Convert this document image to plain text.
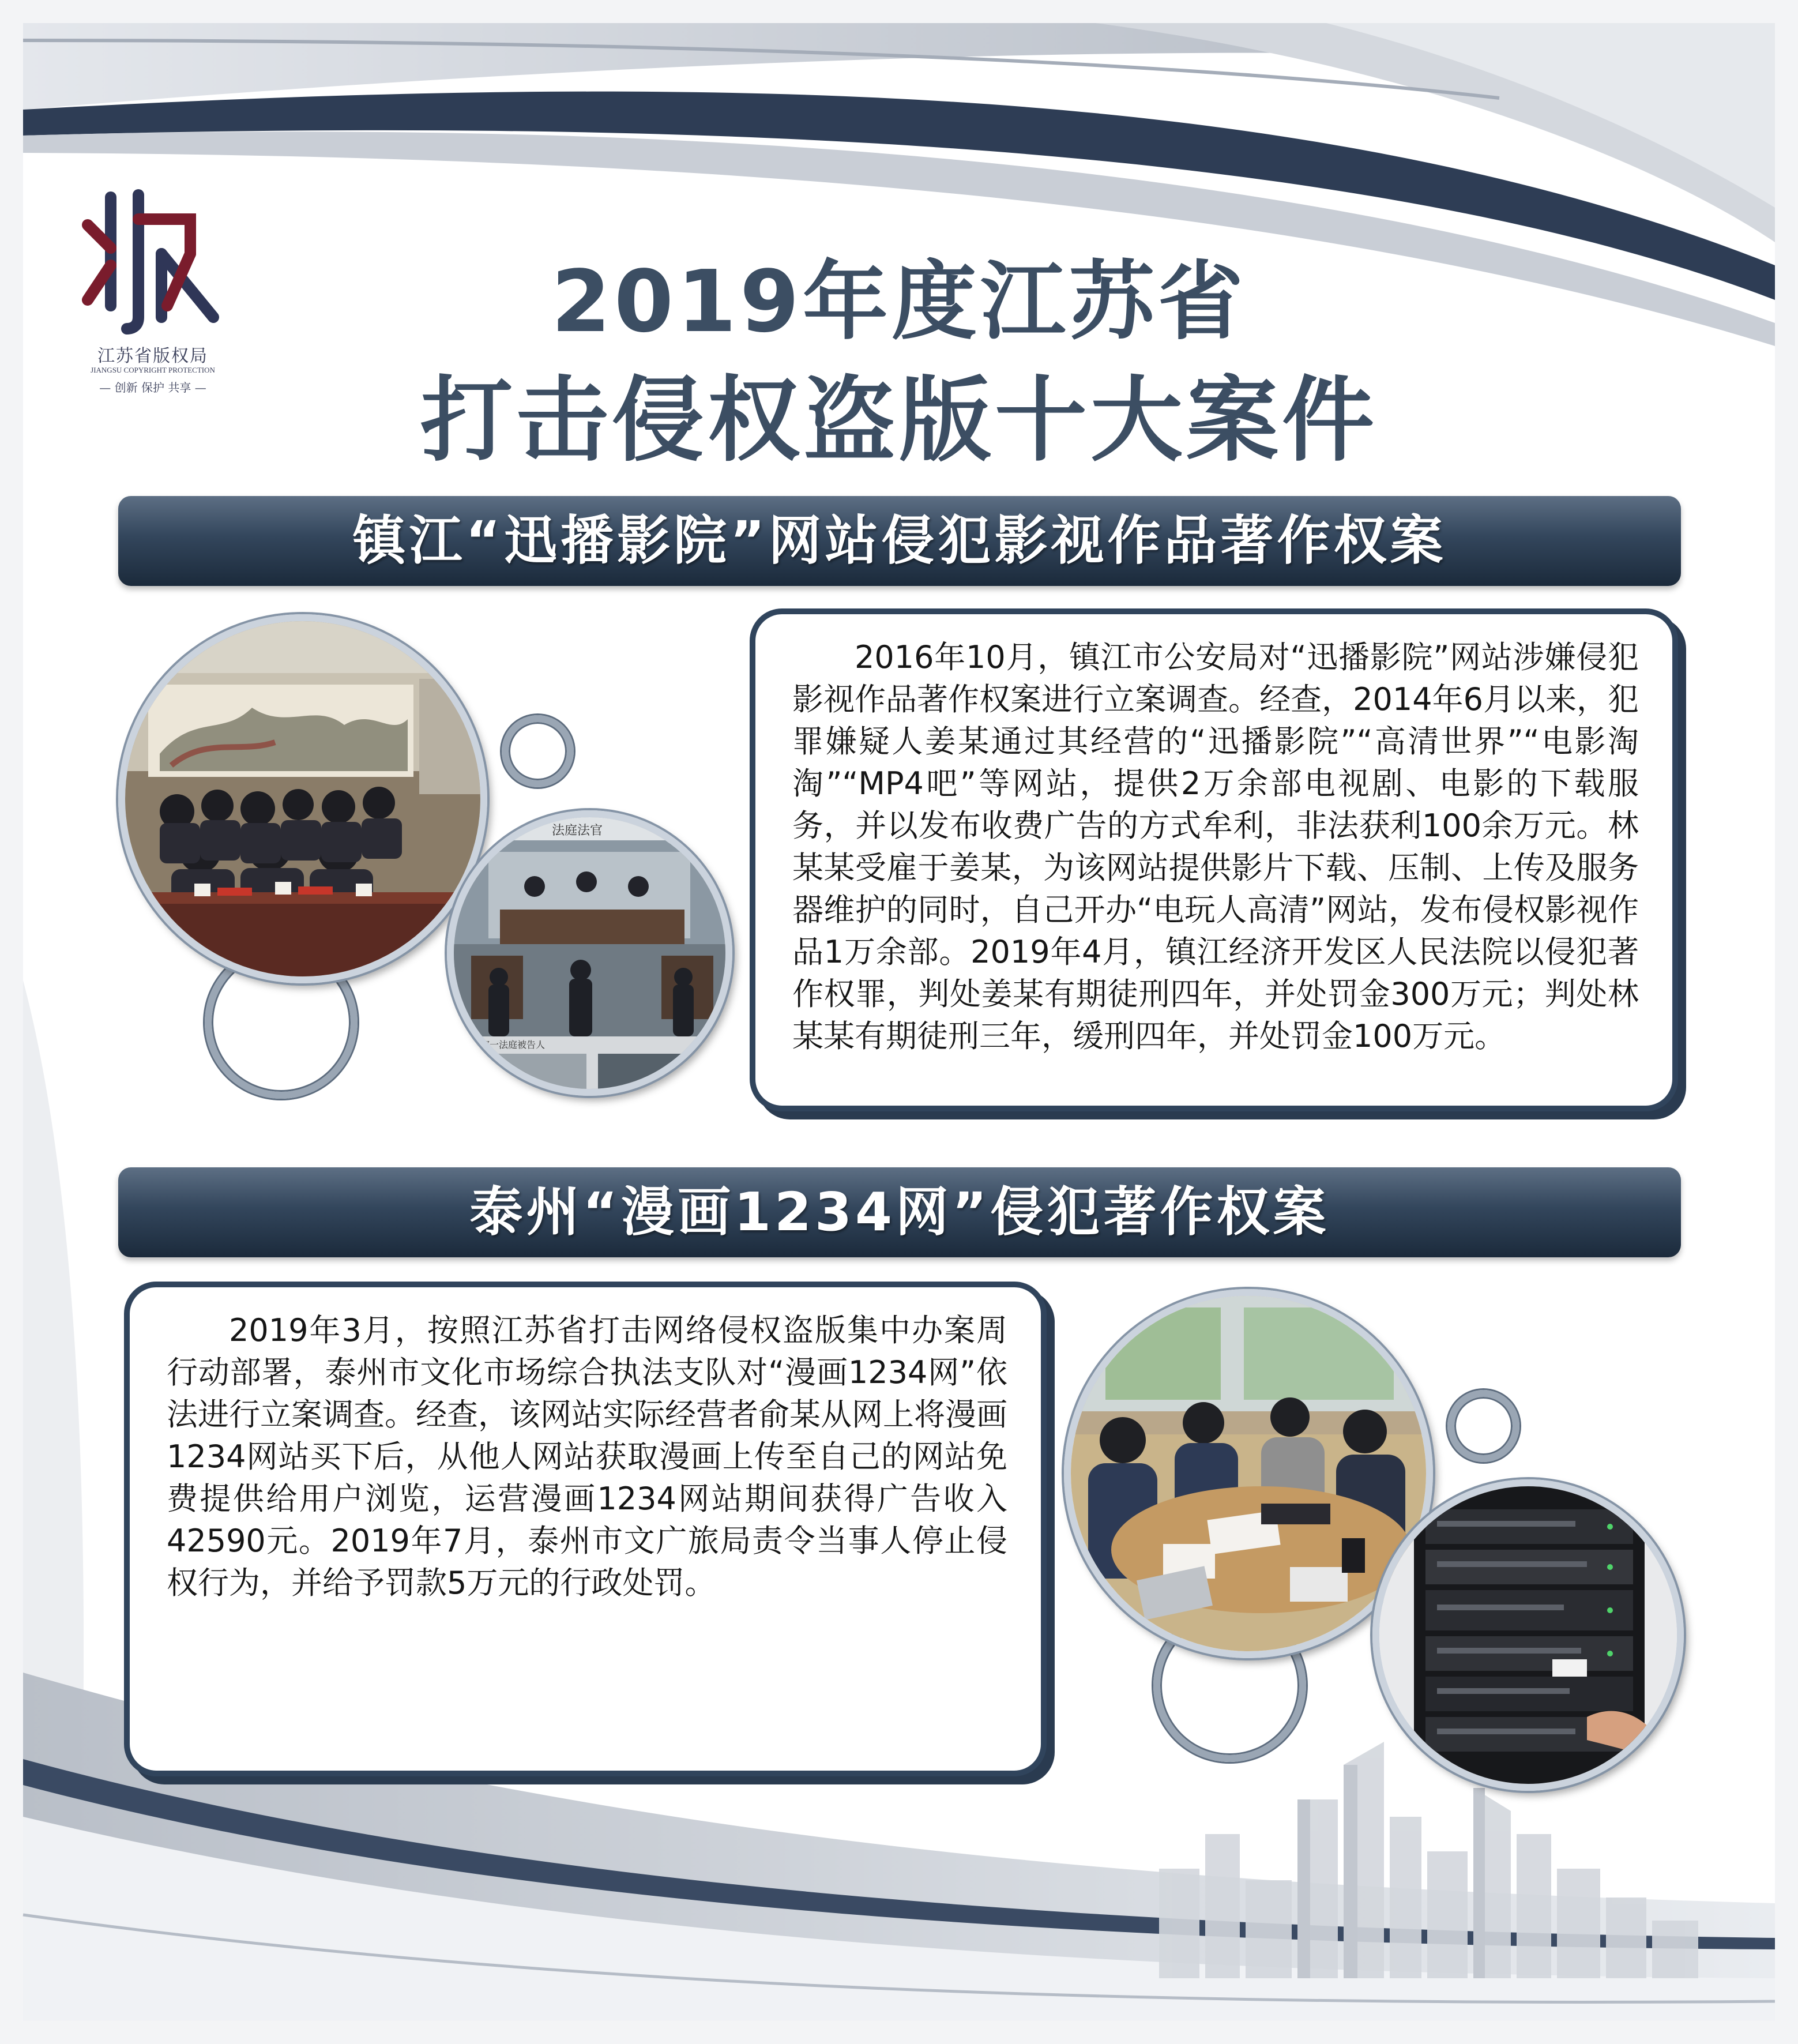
江苏省版权局
JIANGSU COPYRIGHT PROTECTION
— 创新 保护 共享 —
2019年度江苏省
打击侵权盗版十大案件
镇江“迅播影院”网站侵犯影视作品著作权案
法庭法官
庭审一法庭被告人

2016年10月，镇江市公安局对“迅播影院”网站涉嫌侵犯影视作品著作权案进行立案调查。经查，2014年6月以来，犯罪嫌疑人姜某通过其经营的“迅播影院”“高清世界”“电影淘淘”“MP4吧”等网站，提供2万余部电视剧、电影的下载服务，并以发布收费广告的方式牟利，非法获利100余万元。林某某受雇于姜某，为该网站提供影片下载、压制、上传及服务器维护的同时，自己开办“电玩人高清”网站，发布侵权影视作品1万余部。2019年4月，镇江经济开发区人民法院以侵犯著作权罪，判处姜某有期徒刑四年，并处罚金300万元；判处林某某有期徒刑三年，缓刑四年，并处罚金100万元。

泰州“漫画1234网”侵犯著作权案

2019年3月，按照江苏省打击网络侵权盗版集中办案周行动部署，泰州市文化市场综合执法支队对“漫画1234网”依法进行立案调查。经查，该网站实际经营者俞某从网上将漫画1234网站买下后，从他人网站获取漫画上传至自己的网站免费提供给用户浏览，运营漫画1234网站期间获得广告收入42590元。2019年7月，泰州市文广旅局责令当事人停止侵权行为，并给予罚款5万元的行政处罚。
